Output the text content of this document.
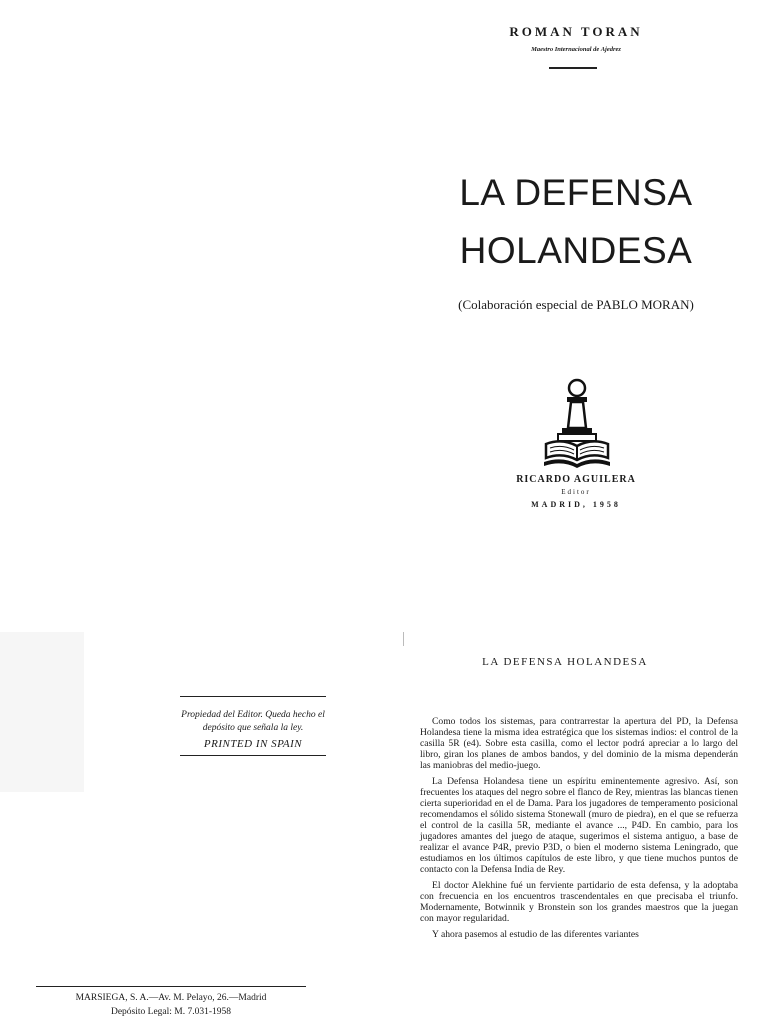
ROMAN TORAN
Maestro Internacional de Ajedrez
LA DEFENSA
HOLANDESA
(Colaboración especial de PABLO MORAN)
RICARDO AGUILERA
Editor
MADRID, 1958
Propiedad del Editor. Queda hecho el depósito que señala la ley.
PRINTED IN SPAIN
MARSIEGA, S. A.—Av. M. Pelayo, 26.—Madrid
Depósito Legal: M. 7.031-1958
LA DEFENSA HOLANDESA

Como todos los sistemas, para contrarrestar la apertura del PD, la Defensa Holandesa tiene la misma idea estratégica que los sistemas indios: el control de la casilla 5R (e4). Sobre esta casilla, como el lector podrá apreciar a lo largo del libro, giran los planes de ambos bandos, y del dominio de la misma dependerán las maniobras del medio-juego.

La Defensa Holandesa tiene un espíritu eminentemente agresivo. Así, son frecuentes los ataques del negro sobre el flanco de Rey, mientras las blancas tienen cierta superioridad en el de Dama. Para los jugadores de temperamento posicional recomendamos el sólido sistema Stonewall (muro de piedra), en el que se refuerza el control de la casilla 5R, mediante el avance ..., P4D. En cambio, para los jugadores amantes del juego de ataque, sugerimos el sistema antiguo, a base de realizar el avance P4R, previo P3D, o bien el moderno sistema Leningrado, que estudiamos en los últimos capítulos de este libro, y que tiene muchos puntos de contacto con la Defensa India de Rey.

El doctor Alekhine fué un ferviente partidario de esta defensa, y la adoptaba con frecuencia en los encuentros trascendentales en que precisaba el triunfo. Modernamente, Botwinnik y Bronstein son los grandes maestros que la juegan con mayor regularidad.

Y ahora pasemos al estudio de las diferentes variantes
